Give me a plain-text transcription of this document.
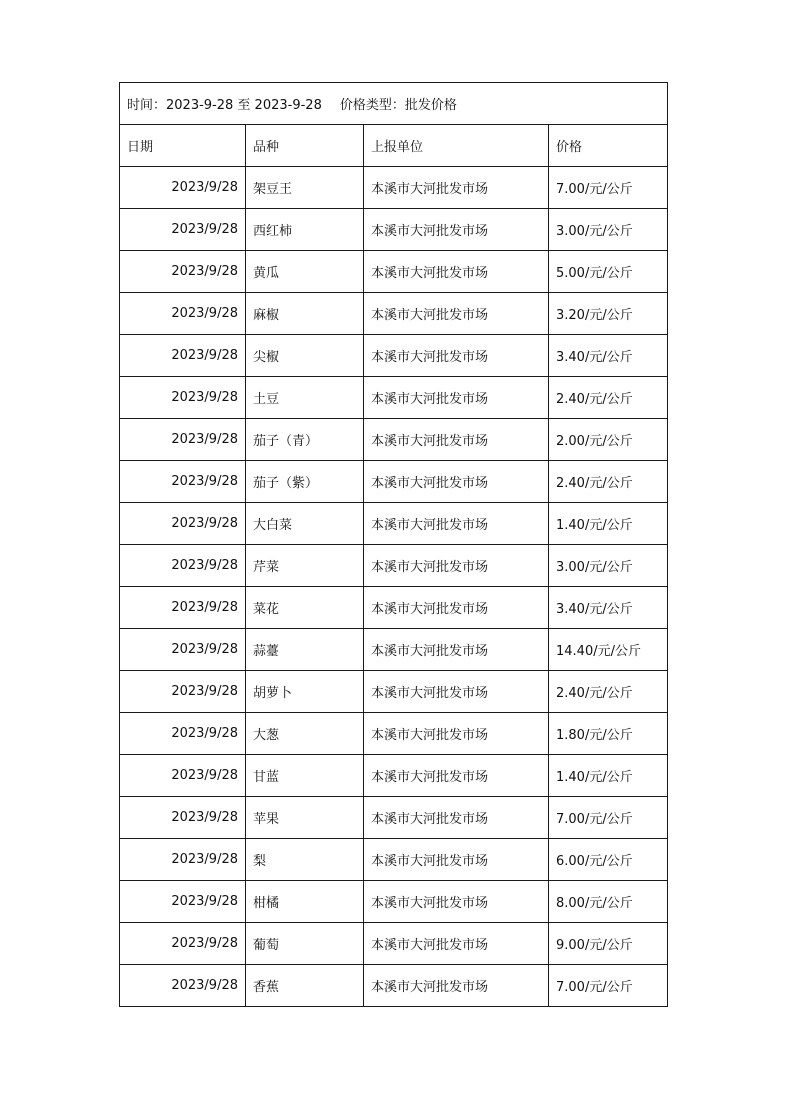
时间：2023-9-28 至 2023-9-28 价格类型：批发价格			
日期	品种	上报单位	价格
2023/9/28	架豆王	本溪市大河批发市场	7.00/元/公斤
2023/9/28	西红柿	本溪市大河批发市场	3.00/元/公斤
2023/9/28	黄瓜	本溪市大河批发市场	5.00/元/公斤
2023/9/28	麻椒	本溪市大河批发市场	3.20/元/公斤
2023/9/28	尖椒	本溪市大河批发市场	3.40/元/公斤
2023/9/28	土豆	本溪市大河批发市场	2.40/元/公斤
2023/9/28	茄子（青）	本溪市大河批发市场	2.00/元/公斤
2023/9/28	茄子（紫）	本溪市大河批发市场	2.40/元/公斤
2023/9/28	大白菜	本溪市大河批发市场	1.40/元/公斤
2023/9/28	芹菜	本溪市大河批发市场	3.00/元/公斤
2023/9/28	菜花	本溪市大河批发市场	3.40/元/公斤
2023/9/28	蒜薹	本溪市大河批发市场	14.40/元/公斤
2023/9/28	胡萝卜	本溪市大河批发市场	2.40/元/公斤
2023/9/28	大葱	本溪市大河批发市场	1.80/元/公斤
2023/9/28	甘蓝	本溪市大河批发市场	1.40/元/公斤
2023/9/28	苹果	本溪市大河批发市场	7.00/元/公斤
2023/9/28	梨	本溪市大河批发市场	6.00/元/公斤
2023/9/28	柑橘	本溪市大河批发市场	8.00/元/公斤
2023/9/28	葡萄	本溪市大河批发市场	9.00/元/公斤
2023/9/28	香蕉	本溪市大河批发市场	7.00/元/公斤
